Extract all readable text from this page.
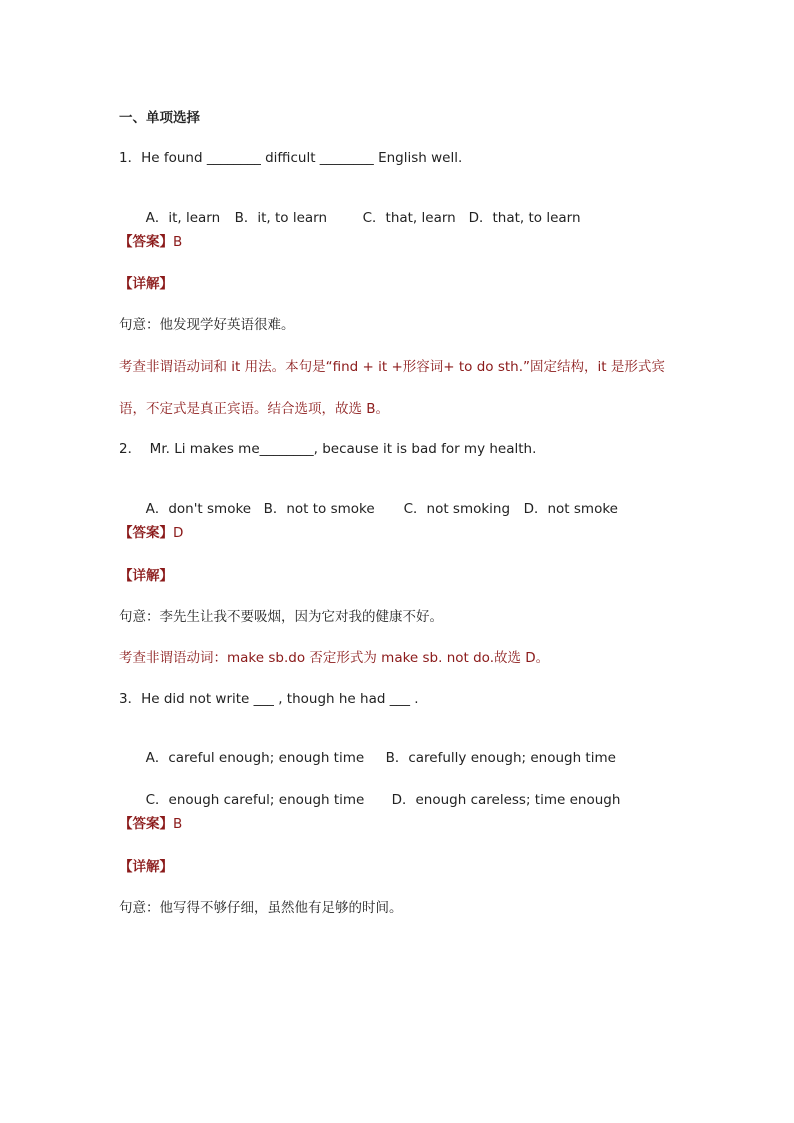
一、单项选择
1．He found ________ difficult ________ English well.

A．it, learn B．it, to learn	C．that, learn D．that, to learn

【答案】B
【详解】
句意：他发现学好英语很难。
考查非谓语动词和 it 用法。本句是“find + it +形容词+ to do sth.”固定结构，it 是形式宾
语，不定式是真正宾语。结合选项，故选 B。
2．  Mr. Li makes me________, because it is bad for my health.

A．don't smoke B．not to smoke C．not smoking D．not smoke

【答案】D
【详解】
句意：李先生让我不要吸烟，因为它对我的健康不好。
考查非谓语动词：make sb.do 否定形式为 make sb. not do.故选 D。
3．He did not write ___ , though he had ___ .

A．careful enough; enough time B．carefully enough; enough time

C．enough careful; enough time D．enough careless; time enough

【答案】B
【详解】
句意：他写得不够仔细，虽然他有足够的时间。
